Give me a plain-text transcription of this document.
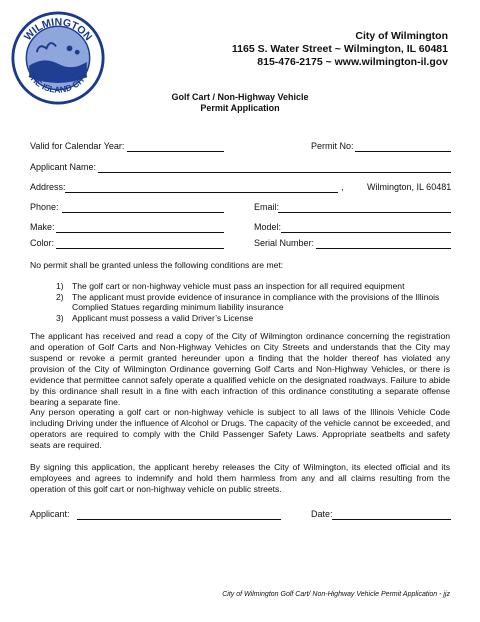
WILMINGTON
THE ISLAND CITY
City of Wilmington
1165 S. Water Street ~ Wilmington, IL 60481
815-476-2175 ~ www.wilmington-il.gov
Golf Cart / Non-Highway Vehicle
Permit Application
Valid for Calendar Year:	Permit No:
Applicant Name:
Address:	,	Wilmington, IL 60481
Phone:	Email:
Make:	Model:
Color:	Serial Number:
No permit shall be granted unless the following conditions are met:
1) The golf cart or non-highway vehicle must pass an inspection for all required equipment
2) The applicant must provide evidence of insurance in compliance with the provisions of the Illinois Complied Statues regarding minimum liability insurance
3) Applicant must possess a valid Driver’s License
The applicant has received and read a copy of the City of Wilmington ordinance concerning the registration and operation of Golf Carts and Non-Highway Vehicles on City Streets and understands that the City may suspend or revoke a permit granted hereunder upon a finding that the holder thereof has violated any provision of the City of Wilmington Ordinance governing Golf Carts and Non-Highway Vehicles, or there is evidence that permittee cannot safely operate a qualified vehicle on the designated roadways. Failure to abide by this ordinance shall result in a fine with each infraction of this ordinance constituting a separate offense bearing a separate fine.
Any person operating a golf cart or non-highway vehicle is subject to all laws of the Illinois Vehicle Code including Driving under the influence of Alcohol or Drugs. The capacity of the vehicle cannot be exceeded, and operators are required to comply with the Child Passenger Safety Laws. Appropriate seatbelts and safety seats are required.
By signing this application, the applicant hereby releases the City of Wilmington, its elected official and its employees and agrees to indemnify and hold them harmless from any and all claims resulting from the operation of this golf cart or non-highway vehicle on public streets.
Applicant:	Date:
City of Wilmington Golf Cart/ Non-Highway Vehicle Permit Application - jjz
